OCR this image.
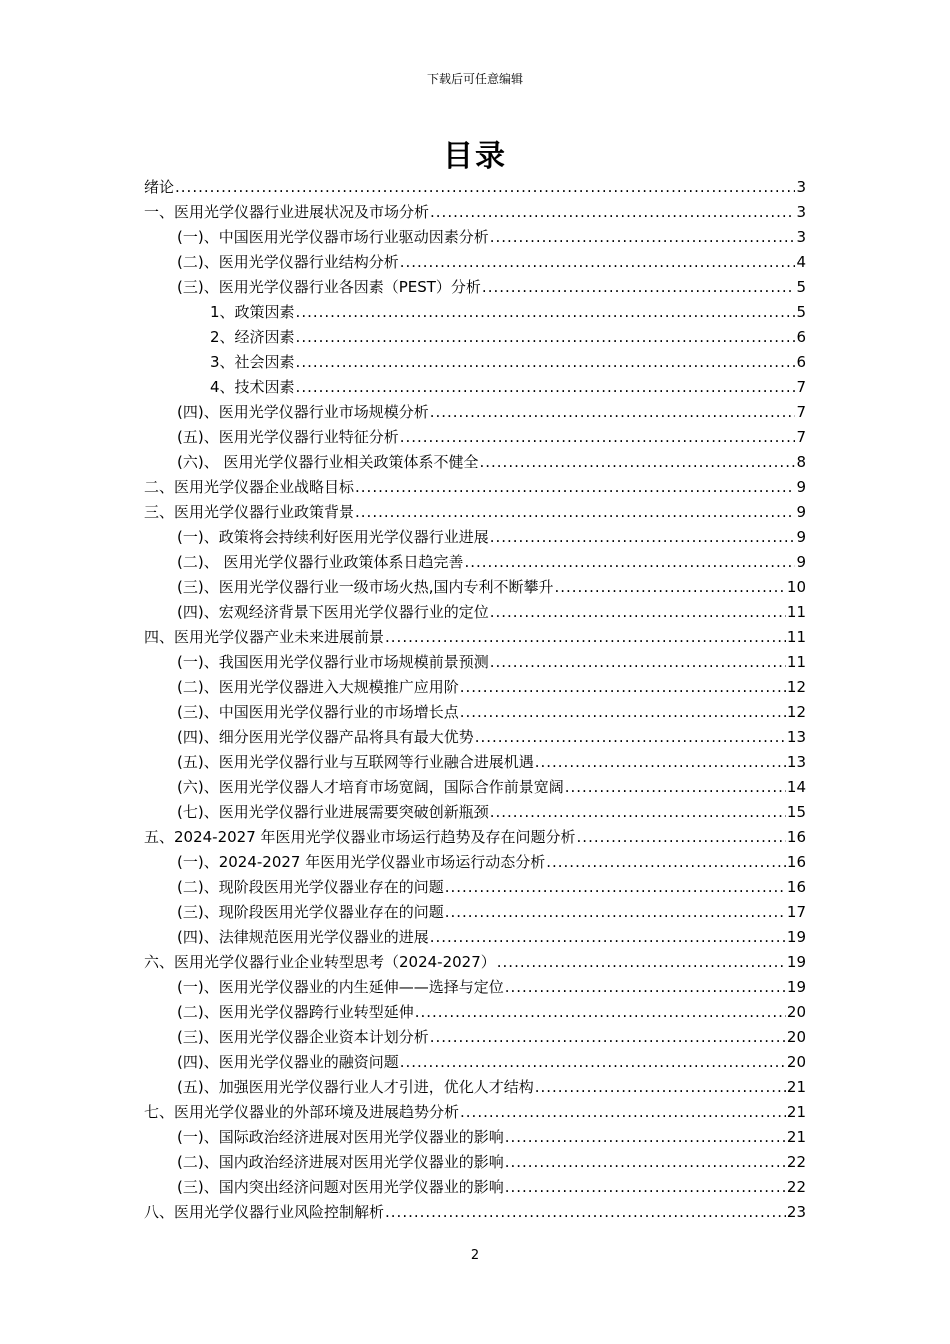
下载后可任意编辑
目录
绪论 .....	3
一、医用光学仪器行业进展状况及市场分析 .....	3
(一)、中国医用光学仪器市场行业驱动因素分析 .....	3
(二)、医用光学仪器行业结构分析 .....	4
(三)、医用光学仪器行业各因素（PEST）分析 .....	5
1、政策因素 .....	5
2、经济因素 .....	6
3、社会因素 .....	6
4、技术因素 .....	7
(四)、医用光学仪器行业市场规模分析 .....	7
(五)、医用光学仪器行业特征分析 .....	7
(六)、 医用光学仪器行业相关政策体系不健全 .....	8
二、医用光学仪器企业战略目标 .....	9
三、医用光学仪器行业政策背景 .....	9
(一)、政策将会持续利好医用光学仪器行业进展 .....	9
(二)、 医用光学仪器行业政策体系日趋完善 .....	9
(三)、医用光学仪器行业一级市场火热,国内专利不断攀升 .....	10
(四)、宏观经济背景下医用光学仪器行业的定位 .....	11
四、医用光学仪器产业未来进展前景 .....	11
(一)、我国医用光学仪器行业市场规模前景预测 .....	11
(二)、医用光学仪器进入大规模推广应用阶 .....	12
(三)、中国医用光学仪器行业的市场增长点 .....	12
(四)、细分医用光学仪器产品将具有最大优势 .....	13
(五)、医用光学仪器行业与互联网等行业融合进展机遇 .....	13
(六)、医用光学仪器人才培育市场宽阔，国际合作前景宽阔 .....	14
(七)、医用光学仪器行业进展需要突破创新瓶颈 .....	15
五、2024-2027 年医用光学仪器业市场运行趋势及存在问题分析 .....	16
(一)、2024-2027 年医用光学仪器业市场运行动态分析 .....	16
(二)、现阶段医用光学仪器业存在的问题 .....	16
(三)、现阶段医用光学仪器业存在的问题 .....	17
(四)、法律规范医用光学仪器业的进展 .....	19
六、医用光学仪器行业企业转型思考（2024-2027） .....	19
(一)、医用光学仪器业的内生延伸——选择与定位 .....	19
(二)、医用光学仪器跨行业转型延伸 .....	20
(三)、医用光学仪器企业资本计划分析 .....	20
(四)、医用光学仪器业的融资问题 .....	20
(五)、加强医用光学仪器行业人才引进，优化人才结构 .....	21
七、医用光学仪器业的外部环境及进展趋势分析 .....	21
(一)、国际政治经济进展对医用光学仪器业的影响 .....	21
(二)、国内政治经济进展对医用光学仪器业的影响 .....	22
(三)、国内突出经济问题对医用光学仪器业的影响 .....	22
八、医用光学仪器行业风险控制解析 .....	23
2
